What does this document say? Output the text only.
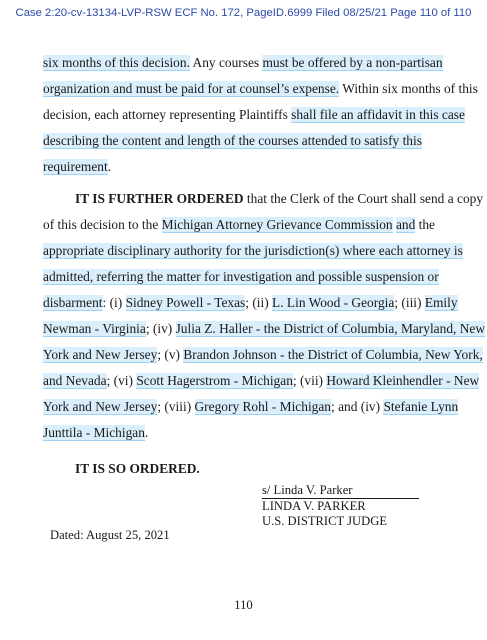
Case 2:20-cv-13134-LVP-RSW ECF No. 172, PageID.6999 Filed 08/25/21 Page 110 of 110
six months of this decision. Any courses must be offered by a non-partisan
organization and must be paid for at counsel’s expense. Within six months of this
decision, each attorney representing Plaintiffs shall file an affidavit in this case
describing the content and length of the courses attended to satisfy this
requirement.
IT IS FURTHER ORDERED that the Clerk of the Court shall send a copy
of this decision to the Michigan Attorney Grievance Commission and the
appropriate disciplinary authority for the jurisdiction(s) where each attorney is
admitted, referring the matter for investigation and possible suspension or
disbarment: (i) Sidney Powell - Texas; (ii) L. Lin Wood - Georgia; (iii) Emily
Newman - Virginia; (iv) Julia Z. Haller - the District of Columbia, Maryland, New
York and New Jersey; (v) Brandon Johnson - the District of Columbia, New York,
and Nevada; (vi) Scott Hagerstrom - Michigan; (vii) Howard Kleinhendler - New
York and New Jersey; (viii) Gregory Rohl - Michigan; and (iv) Stefanie Lynn
Junttila - Michigan.
IT IS SO ORDERED.
s/ Linda V. Parker
LINDA V. PARKER
U.S. DISTRICT JUDGE
Dated: August 25, 2021
110
